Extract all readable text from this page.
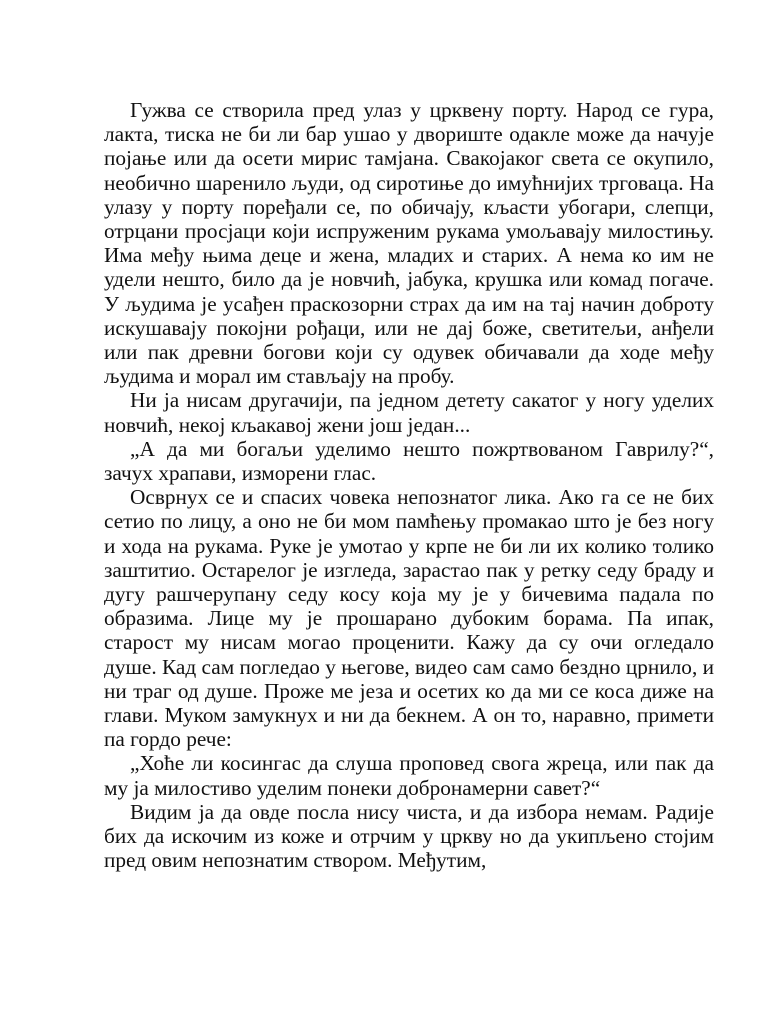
Гужва се створила пред улаз у црквену порту. Народ се гура, лакта, тиска не би ли бар ушао у двориште одакле може да начује појање или да осети мирис тамјана. Свакојаког света се окупило, необично шаренило људи, од сиротиње до имућнијих трговаца. На улазу у порту поређали се, по обичају, кљасти убогари, слепци, отрцани просјаци који испруженим рукама умољавају милостињу. Има међу њима деце и жена, младих и старих. А нема ко им не удели нешто, било да је новчић, јабука, крушка или комад погаче. У људима је усађен праскозорни страх да им на тај начин доброту искушавају покојни рођаци, или не дај боже, светитељи, анђели или пак древни богови који су одувек обичавали да ходе међу људима и морал им стављају на пробу.

Ни ја нисам другачији, па једном детету сакатог у ногу уделих новчић, некој кљакавој жени још један...

„А да ми богаљи уделимо нешто пожртвованом Гаврилу?“, зачух храпави, изморени глас.

Осврнух се и спасих човека непознатог лика. Ако га се не бих сетио по лицу, а оно не би мом памћењу промакао што је без ногу и хода на рукама. Руке је умотао у крпе не би ли их колико толико заштитио. Остарелог је изгледа, зарастао пак у ретку седу браду и дугу рашчерупану седу косу која му је у бичевима падала по образима. Лице му је прошарано дубоким борама. Па ипак, старост му нисам могао проценити. Кажу да су очи огледало душе. Кад сам погледао у његове, видео сам само бездно црнило, и ни траг од душе. Проже ме језа и осетих ко да ми се коса диже на глави. Муком замукнух и ни да бекнем. А он то, наравно, примети па гордо рече:

„Хоће ли косингас да слуша проповед свога жреца, или пак да му ја милостиво уделим понеки добронамерни савет?“

Видим ја да овде посла нису чиста, и да избора немам. Радије бих да искочим из коже и отрчим у цркву но да укипљено стојим пред овим непознатим створом. Међутим,
